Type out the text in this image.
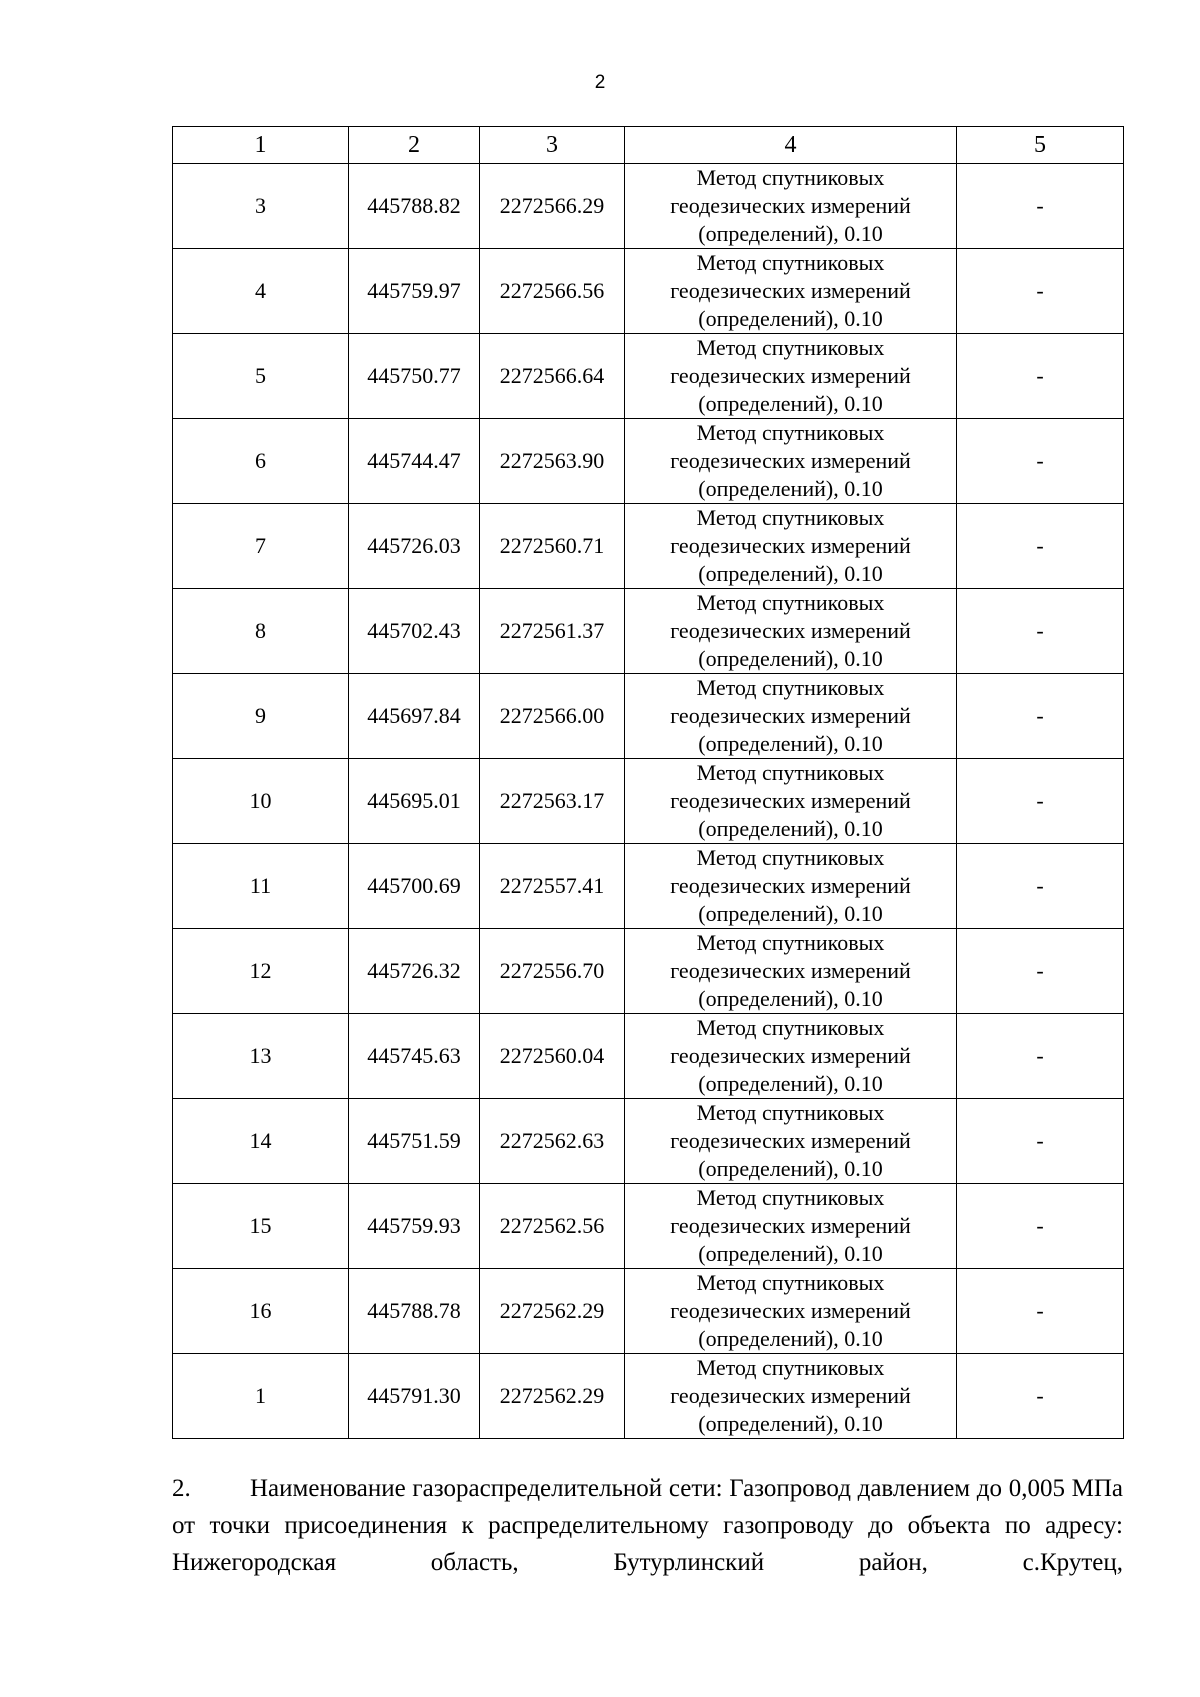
2
1	2	3	4	5
3	445788.82	2272566.29	Метод спутниковых
геодезических измерений
(определений), 0.10	-
4	445759.97	2272566.56	Метод спутниковых
геодезических измерений
(определений), 0.10	-
5	445750.77	2272566.64	Метод спутниковых
геодезических измерений
(определений), 0.10	-
6	445744.47	2272563.90	Метод спутниковых
геодезических измерений
(определений), 0.10	-
7	445726.03	2272560.71	Метод спутниковых
геодезических измерений
(определений), 0.10	-
8	445702.43	2272561.37	Метод спутниковых
геодезических измерений
(определений), 0.10	-
9	445697.84	2272566.00	Метод спутниковых
геодезических измерений
(определений), 0.10	-
10	445695.01	2272563.17	Метод спутниковых
геодезических измерений
(определений), 0.10	-
11	445700.69	2272557.41	Метод спутниковых
геодезических измерений
(определений), 0.10	-
12	445726.32	2272556.70	Метод спутниковых
геодезических измерений
(определений), 0.10	-
13	445745.63	2272560.04	Метод спутниковых
геодезических измерений
(определений), 0.10	-
14	445751.59	2272562.63	Метод спутниковых
геодезических измерений
(определений), 0.10	-
15	445759.93	2272562.56	Метод спутниковых
геодезических измерений
(определений), 0.10	-
16	445788.78	2272562.29	Метод спутниковых
геодезических измерений
(определений), 0.10	-
1	445791.30	2272562.29	Метод спутниковых
геодезических измерений
(определений), 0.10	-
2. Наименование газораспределительной сети: Газопровод давлением до 0,005 МПа от точки присоединения к распределительному газопроводу до объекта по адресу: Нижегородская область, Бутурлинский район, с.Крутец,
